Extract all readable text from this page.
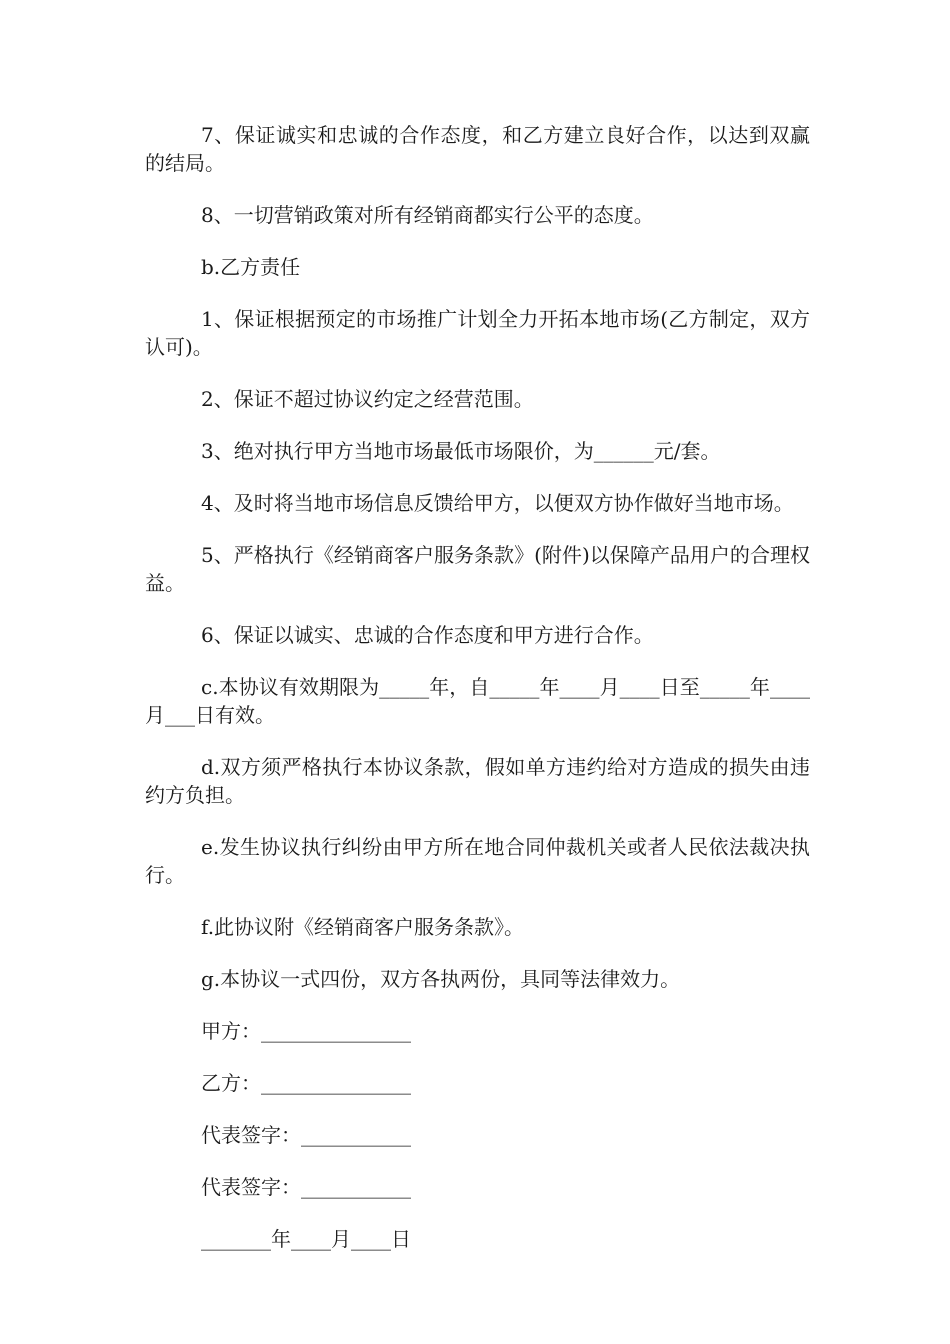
7、保证诚实和忠诚的合作态度，和乙方建立良好合作，以达到双赢的结局。

8、一切营销政策对所有经销商都实行公平的态度。

b.乙方责任

1、保证根据预定的市场推广计划全力开拓本地市场(乙方制定，双方认可)。

2、保证不超过协议约定之经营范围。

3、绝对执行甲方当地市场最低市场限价，为______元/套。

4、及时将当地市场信息反馈给甲方，以便双方协作做好当地市场。

5、严格执行《经销商客户服务条款》(附件)以保障产品用户的合理权益。

6、保证以诚实、忠诚的合作态度和甲方进行合作。

c.本协议有效期限为_____年，自_____年____月____日至_____年____月___日有效。

d.双方须严格执行本协议条款，假如单方违约给对方造成的损失由违约方负担。

e.发生协议执行纠纷由甲方所在地合同仲裁机关或者人民依法裁决执行。

f.此协议附《经销商客户服务条款》。

g.本协议一式四份，双方各执两份，具同等法律效力。

甲方：_______________

乙方：_______________

代表签字：___________

代表签字：___________

_______年____月____日
